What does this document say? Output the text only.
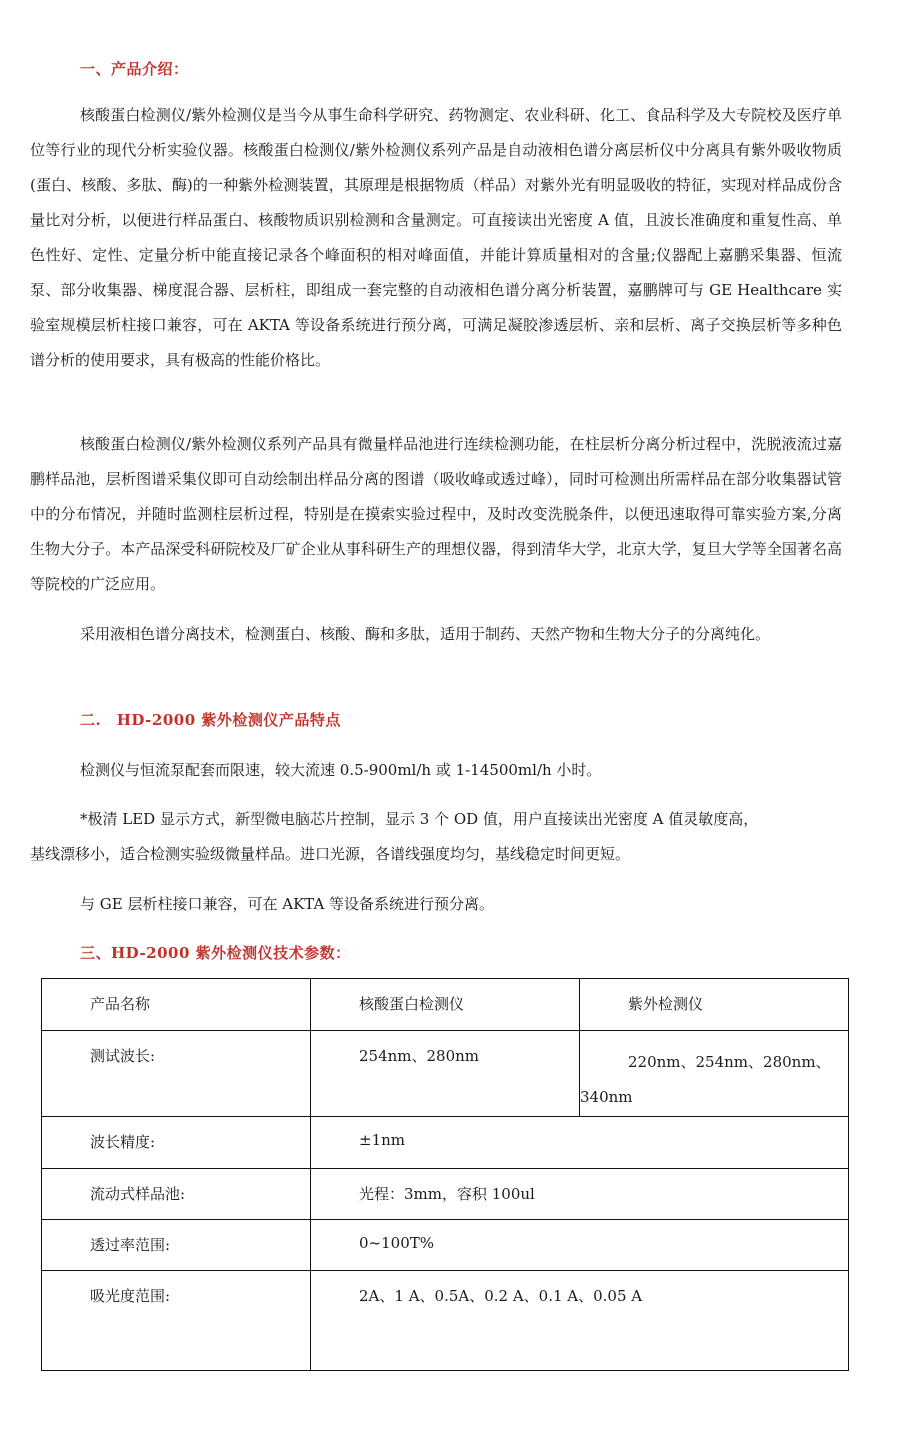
一、产品介绍：

核酸蛋白检测仪/紫外检测仪是当今从事生命科学研究、药物测定、农业科研、化工、食品科学及大专院校及医疗单位等行业的现代分析实验仪器。核酸蛋白检测仪/紫外检测仪系列产品是自动液相色谱分离层析仪中分离具有紫外吸收物质(蛋白、核酸、多肽、酶)的一种紫外检测装置，其原理是根据物质（样品）对紫外光有明显吸收的特征，实现对样品成份含量比对分析，以便进行样品蛋白、核酸物质识别检测和含量测定。可直接读出光密度 A 值，且波长准确度和重复性高、单色性好、定性、定量分析中能直接记录各个峰面积的相对峰面值，并能计算质量相对的含量;仪器配上嘉鹏采集器、恒流泵、部分收集器、梯度混合器、层析柱，即组成一套完整的自动液相色谱分离分析装置，嘉鹏牌可与 GE Healthcare 实验室规模层析柱接口兼容，可在 AKTA 等设备系统进行预分离，可满足凝胶渗透层析、亲和层析、离子交换层析等多种色谱分析的使用要求，具有极高的性能价格比。

核酸蛋白检测仪/紫外检测仪系列产品具有微量样品池进行连续检测功能，在柱层析分离分析过程中，洗脱液流过嘉鹏样品池，层析图谱采集仪即可自动绘制出样品分离的图谱（吸收峰或透过峰），同时可检测出所需样品在部分收集器试管中的分布情况，并随时监测柱层析过程，特别是在摸索实验过程中，及时改变洗脱条件，以便迅速取得可靠实验方案,分离生物大分子。本产品深受科研院校及厂矿企业从事科研生产的理想仪器，得到清华大学，北京大学，复旦大学等全国著名高等院校的广泛应用。

采用液相色谱分离技术，检测蛋白、核酸、酶和多肽，适用于制药、天然产物和生物大分子的分离纯化。

二.　HD-2000 紫外检测仪产品特点
检测仪与恒流泵配套而限速，较大流速 0.5-900ml/h 或 1-14500ml/h 小时。
*极清 LED 显示方式，新型微电脑芯片控制，显示 3 个 OD 值，用户直接读出光密度 A 值灵敏度高，
基线漂移小，适合检测实验级微量样品。进口光源，各谱线强度均匀，基线稳定时间更短。
与 GE 层析柱接口兼容，可在 AKTA 等设备系统进行预分离。
三、HD-2000 紫外检测仪技术参数：
产品名称	核酸蛋白检测仪	紫外检测仪

测试波长:	254nm、280nm	220nm、254nm、280nm、
340nm

波长精度:	±1nm	

流动式样品池:	光程：3mm，容积 100ul	

透过率范围:	0~100T%	

吸光度范围:	2A、1 A、0.5A、0.2 A、0.1 A、0.05 A	
